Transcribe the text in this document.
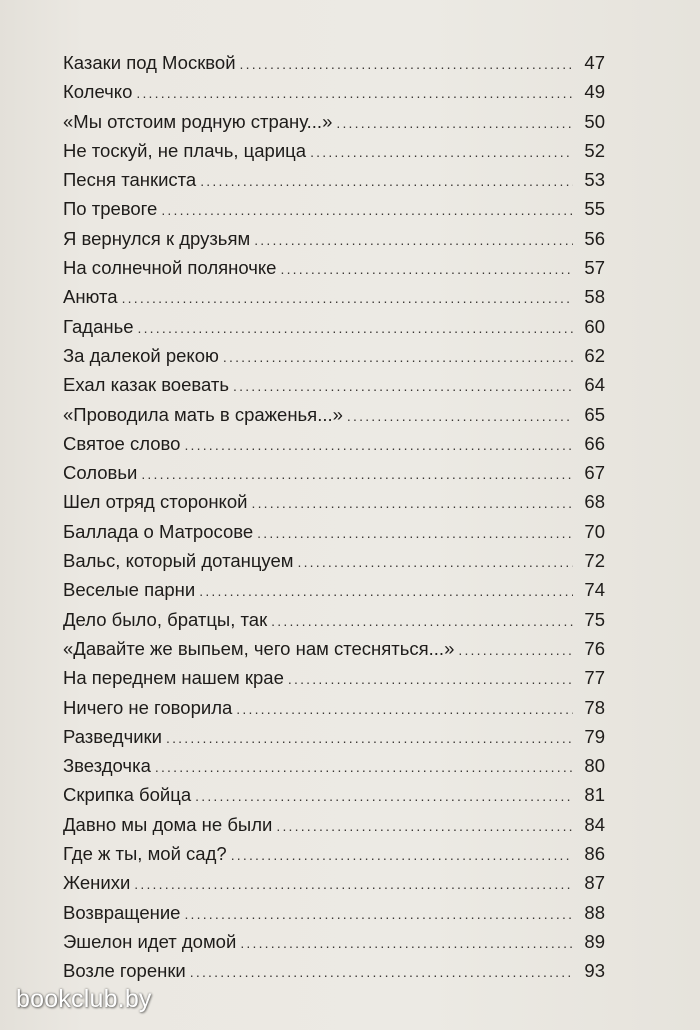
Казаки под Москвой .....	47
Колечко .....	49
«Мы отстоим родную страну...» .....	50
Не тоскуй, не плачь, царица .....	52
Песня танкиста .....	53
По тревоге .....	55
Я вернулся к друзьям .....	56
На солнечной поляночке .....	57
Анюта .....	58
Гаданье .....	60
За далекой рекою .....	62
Ехал казак воевать .....	64
«Проводила мать в сраженья...» .....	65
Святое слово .....	66
Соловьи .....	67
Шел отряд сторонкой .....	68
Баллада о Матросове .....	70
Вальс, который дотанцуем .....	72
Веселые парни .....	74
Дело было, братцы, так .....	75
«Давайте же выпьем, чего нам стесняться...» .....	76
На переднем нашем крае .....	77
Ничего не говорила .....	78
Разведчики .....	79
Звездочка .....	80
Скрипка бойца .....	81
Давно мы дома не были .....	84
Где ж ты, мой сад? .....	86
Женихи .....	87
Возвращение .....	88
Эшелон идет домой .....	89
Возле горенки .....	93
bookclub.by
